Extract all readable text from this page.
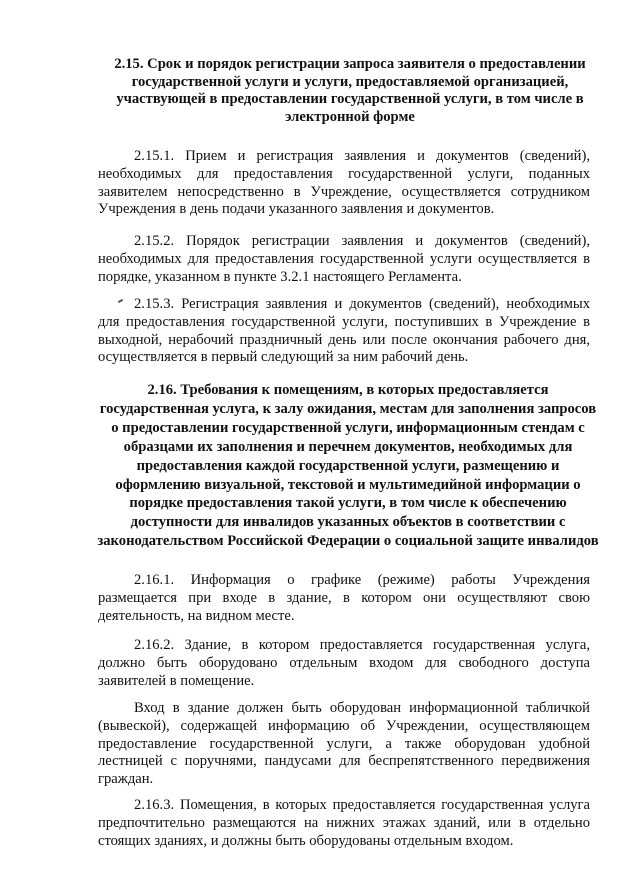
2.15. Срок и порядок регистрации запроса заявителя о предоставлении государственной услуги и услуги, предоставляемой организацией, участвующей в предоставлении государственной услуги, в том числе в электронной форме
2.15.1. Прием и регистрация заявления и документов (сведений), необходимых для предоставления государственной услуги, поданных заявителем непосредственно в Учреждение, осуществляется сотрудником Учреждения в день подачи указанного заявления и документов.
2.15.2. Порядок регистрации заявления и документов (сведений), необходимых для предоставления государственной услуги осуществляется в порядке, указанном в пункте 3.2.1 настоящего Регламента.
2.15.3. Регистрация заявления и документов (сведений), необходимых для предоставления государственной услуги, поступивших в Учреждение в выходной, нерабочий праздничный день или после окончания рабочего дня, осуществляется в первый следующий за ним рабочий день.
2.16. Требования к помещениям, в которых предоставляется государственная услуга, к залу ожидания, местам для заполнения запросов о предоставлении государственной услуги, информационным стендам с образцами их заполнения и перечнем документов, необходимых для предоставления каждой государственной услуги, размещению и оформлению визуальной, текстовой и мультимедийной информации о порядке предоставления такой услуги, в том числе к обеспечению доступности для инвалидов указанных объектов в соответствии с законодательством Российской Федерации о социальной защите инвалидов
2.16.1. Информация о графике (режиме) работы Учреждения размещается при входе в здание, в котором они осуществляют свою деятельность, на видном месте.
2.16.2. Здание, в котором предоставляется государственная услуга, должно быть оборудовано отдельным входом для свободного доступа заявителей в помещение.
Вход в здание должен быть оборудован информационной табличкой (вывеской), содержащей информацию об Учреждении, осуществляющем предоставление государственной услуги, а также оборудован удобной лестницей с поручнями, пандусами для беспрепятственного передвижения граждан.
2.16.3. Помещения, в которых предоставляется государственная услуга предпочтительно размещаются на нижних этажах зданий, или в отдельно стоящих зданиях, и должны быть оборудованы отдельным входом.
